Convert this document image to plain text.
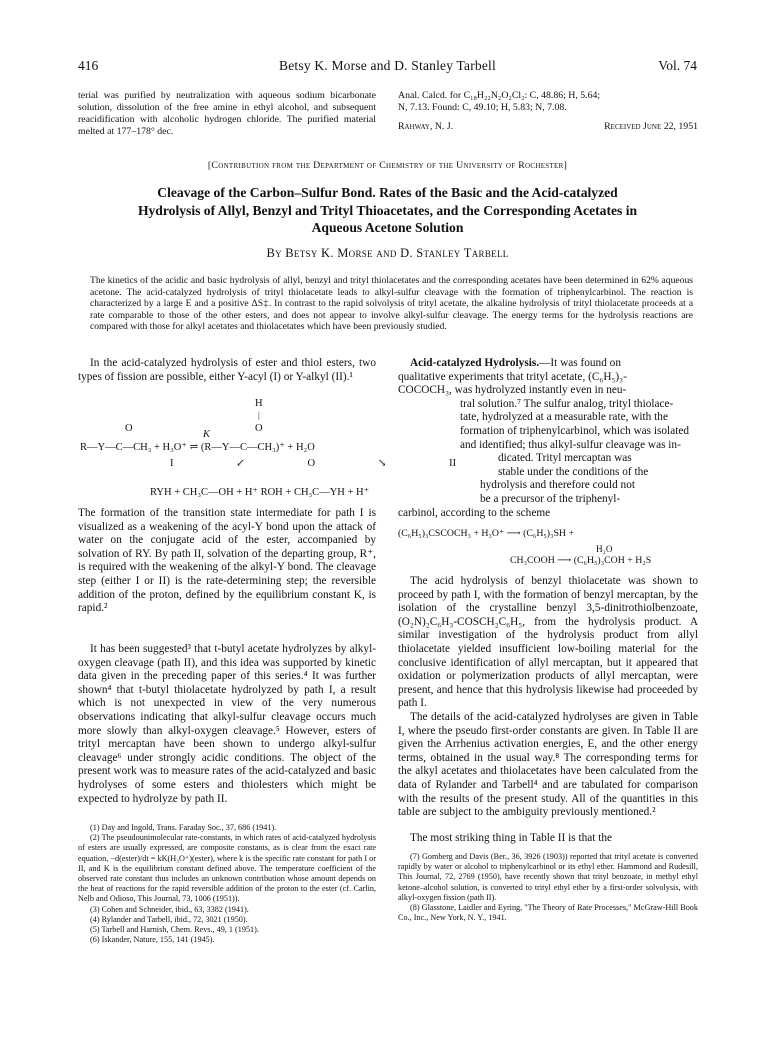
416	Betsy K. Morse and D. Stanley Tarbell	Vol. 74
terial was purified by neutralization with aqueous sodium bicarbonate solution, dissolution of the free amine in ethyl alcohol, and subsequent reacidification with alcoholic hydrogen chloride. The purified material melted at 177–178° dec.
Anal. Calcd. for C₁₈H₂₂N₂O₂Cl₂: C, 48.86; H, 5.64;
N, 7.13. Found: C, 49.10; H, 5.83; N, 7.08.
Rahway, N. J.	Received June 22, 1951
[Contribution from the Department of Chemistry of the University of Rochester]
Cleavage of the Carbon–Sulfur Bond. Rates of the Basic and the Acid-catalyzed
Hydrolysis of Allyl, Benzyl and Trityl Thioacetates, and the Corresponding Acetates in
Aqueous Acetone Solution
By Betsy K. Morse and D. Stanley Tarbell
The kinetics of the acidic and basic hydrolysis of allyl, benzyl and trityl thiolacetates and the corresponding acetates have been determined in 62% aqueous acetone. The acid-catalyzed hydrolysis of trityl thiolacetate leads to alkyl-sulfur cleavage with the formation of triphenylcarbinol. The reaction is characterized by a large E and a positive ΔS‡. In contrast to the rapid solvolysis of trityl acetate, the alkaline hydrolysis of trityl thiolacetate proceeds at a rate comparable to those of the other esters, and does not appear to involve alkyl-sulfur cleavage. The energy terms for the hydrolysis reactions are compared with those for alkyl acetates and thiolacetates which have been previously studied.
In the acid-catalyzed hydrolysis of ester and thiol esters, two types of fission are possible, either Y-acyl (I) or Y-alkyl (II).¹
H
|
O	O
K
R—Y—C—CH₃ + H₃O⁺ ⇌ (R—Y—C—CH₃)⁺ + H₂O
I ↙ O ↘ II
RYH + CH₃C—OH + H⁺ ROH + CH₃C—YH + H⁺
The formation of the transition state intermediate for path I is visualized as a weakening of the acyl-Y bond upon the attack of water on the conjugate acid of the ester, accompanied by solvation of RY. By path II, solvation of the departing group, R⁺, is required with the weakening of the alkyl-Y bond. The cleavage step (either I or II) is the rate-determining step; the reversible addition of the proton, defined by the equilibrium constant K, is rapid.²
It has been suggested³ that t-butyl acetate hydrolyzes by alkyl-oxygen cleavage (path II), and this idea was supported by kinetic data given in the preceding paper of this series.⁴ It was further shown⁴ that t-butyl thiolacetate hydrolyzed by path I, a result which is not unexpected in view of the very numerous observations indicating that alkyl-sulfur cleavage occurs much more slowly than alkyl-oxygen cleavage.⁵ However, esters of trityl mercaptan have been shown to undergo alkyl-sulfur cleavage⁶ under strongly acidic conditions. The object of the present work was to measure rates of the acid-catalyzed and basic hydrolyses of some esters and thiolesters which might be expected to hydrolyze by path II.
(1) Day and Ingold, Trans. Faraday Soc., 37, 686 (1941).
(2) The pseudounimolecular rate-constants, in which rates of acid-catalyzed hydrolysis of esters are usually expressed, are composite constants, as is clear from the exact rate equation, −d(ester)/dt = kK(H₃O⁺)(ester), where k is the specific rate constant for path I or II, and K is the equilibrium constant defined above. The temperature coefficient of the observed rate constant thus includes an unknown contribution whose amount depends on the heat of reactions for the rapid reversible addition of the proton to the ester (cf. Carlin, Nelb and Odioso, This Journal, 73, 1006 (1951)).
(3) Cohen and Schneider, ibid., 63, 3382 (1941).
(4) Rylander and Tarbell, ibid., 72, 3021 (1950).
(5) Tarbell and Harnish, Chem. Revs., 49, 1 (1951).
(6) Iskander, Nature, 155, 141 (1945).
Acid-catalyzed Hydrolysis.—It was found on
qualitative experiments that trityl acetate, (C₆H₅)₃-
COCOCH₃, was hydrolyzed instantly even in neu-
tral solution.⁷ The sulfur analog, trityl thiolace-
tate, hydrolyzed at a measurable rate, with the
formation of triphenylcarbinol, which was isolated
and identified; thus alkyl-sulfur cleavage was in-
dicated. Trityl mercaptan was
stable under the conditions of the
hydrolysis and therefore could not
be a precursor of the triphenyl-
carbinol, according to the scheme
(C₆H₅)₃CSCOCH₃ + H₃O⁺ ⟶ (C₆H₅)₃SH +
H₂O
CH₃COOH ⟶ (C₆H₅)₃COH + H₂S
The acid hydrolysis of benzyl thiolacetate was shown to proceed by path I, with the formation of benzyl mercaptan, by the isolation of the crystalline benzyl 3,5-dinitrothiolbenzoate, (O₂N)₂C₆H₃-COSCH₂C₆H₅, from the hydrolysis product. A similar investigation of the hydrolysis product from allyl thiolacetate yielded insufficient low-boiling material for the conclusive identification of allyl mercaptan, but it appeared that oxidation or polymerization products of allyl mercaptan, were present, and hence that this hydrolysis likewise had proceeded by path I.
The details of the acid-catalyzed hydrolyses are given in Table I, where the pseudo first-order constants are given. In Table II are given the Arrhenius activation energies, E, and the other energy terms, obtained in the usual way.⁸ The corresponding terms for the alkyl acetates and thiolacetates have been calculated from the data of Rylander and Tarbell⁴ and are tabulated for comparison with the results of the present study. All of the quantities in this table are subject to the ambiguity previously mentioned.²
The most striking thing in Table II is that the
(7) Gomberg and Davis (Ber., 36, 3926 (1903)) reported that trityl acetate is converted rapidly by water or alcohol to triphenylcarbinol or its ethyl ether. Hammond and Rudesill, This Journal, 72, 2769 (1950), have recently shown that trityl benzoate, in methyl ethyl ketone–alcohol solution, is converted to trityl ethyl ether by a first-order solvolysis, with alkyl-oxygen fission (path II).
(8) Glasstone, Laidler and Eyring, "The Theory of Rate Processes," McGraw-Hill Book Co., Inc., New York, N. Y., 1941.
